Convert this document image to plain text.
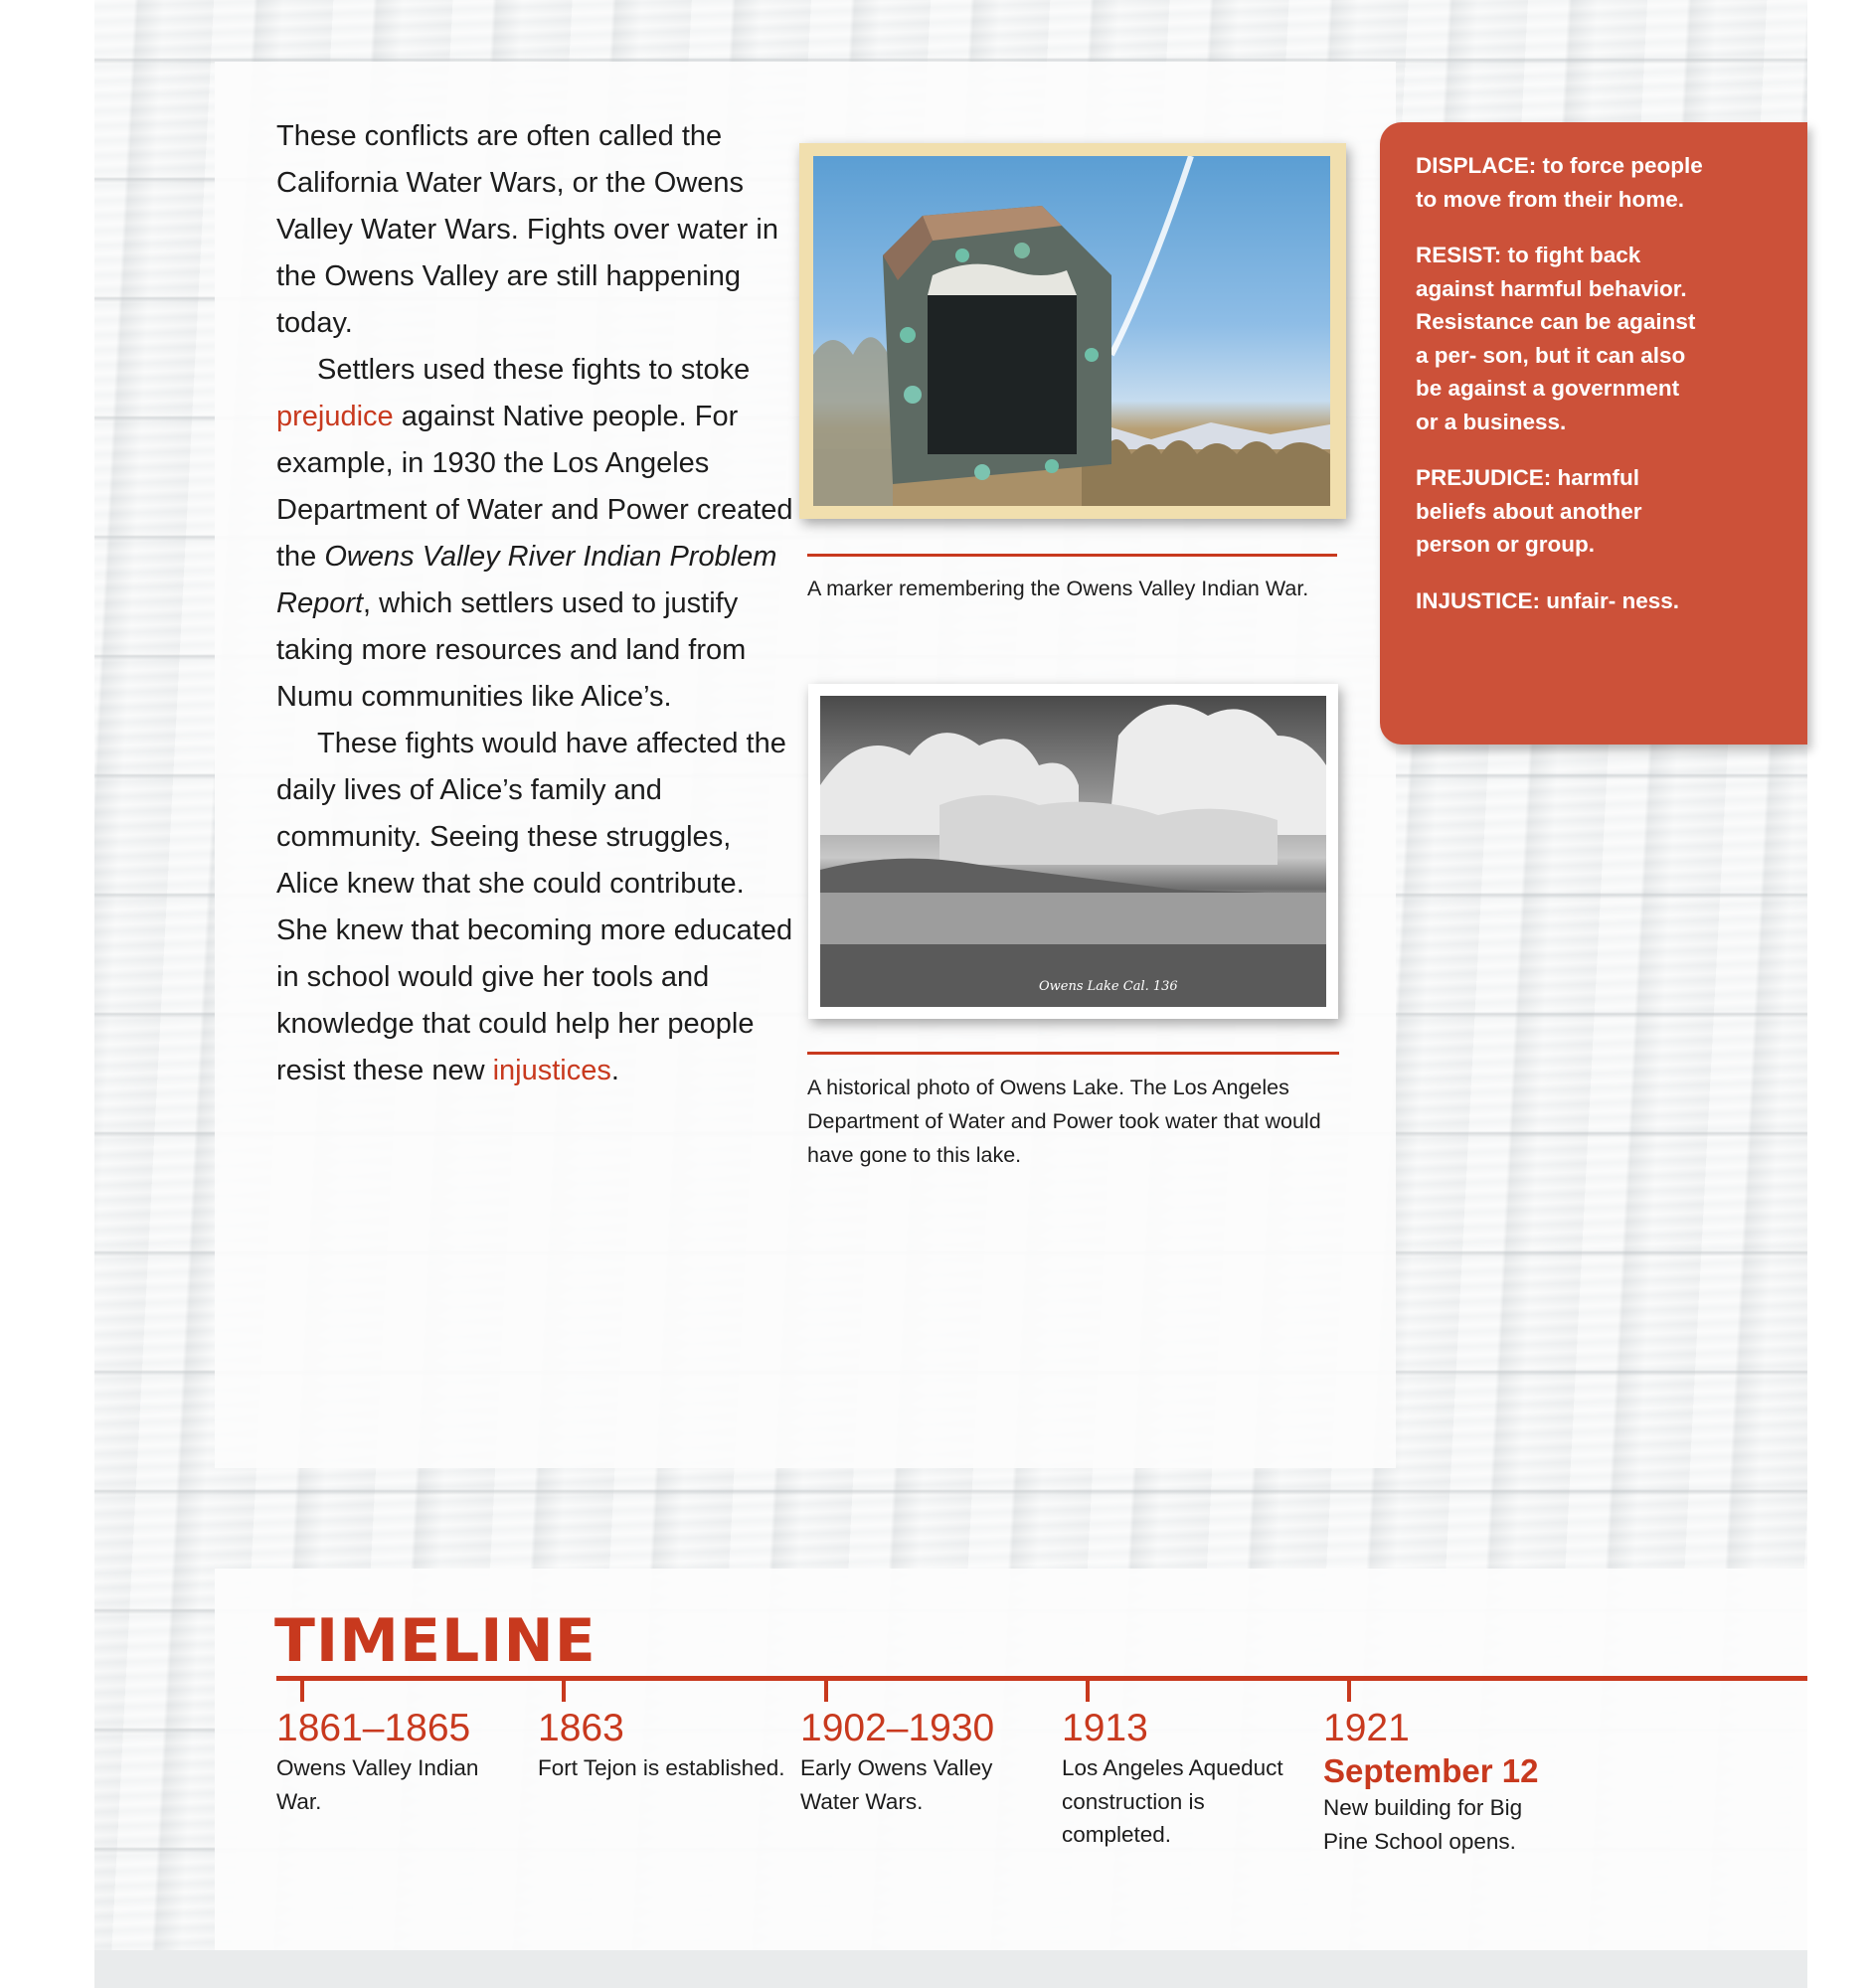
These conflicts are often called the California Water Wars, or the Owens Valley Water Wars. Fights over water in the Owens Valley are still happening today.

Settlers used these fights to stoke prejudice against Native people. For example, in 1930 the Los Angeles Department of Water and Power created the Owens Valley River Indian Problem Report, which settlers used to justify taking more resources and land from Numu communities like Alice’s.

These fights would have affected the daily lives of Alice’s family and community. Seeing these struggles, Alice knew that she could contribute. She knew that becoming more educated in school would give her tools and knowledge that could help her people resist these new injustices.

A marker remembering the Owens Valley Indian War.
Owens Lake Cal. 136
A historical photo of Owens Lake. The Los Angeles Department of Water and Power took water that would have gone to this lake.

DISPLACE: to force people to move from their home.

RESIST: to fight back against harmful behavior. Resistance can be against a per- son, but it can also be against a government or a business.

PREJUDICE: harmful beliefs about another person or group.

INJUSTICE: unfair- ness.

TIMELINE
1861–1865
Owens Valley Indian War.
1863
Fort Tejon is established.
1902–1930
Early Owens Valley Water Wars.
1913
Los Angeles Aqueduct construction is completed.
1921
September 12
New building for Big Pine School opens.
